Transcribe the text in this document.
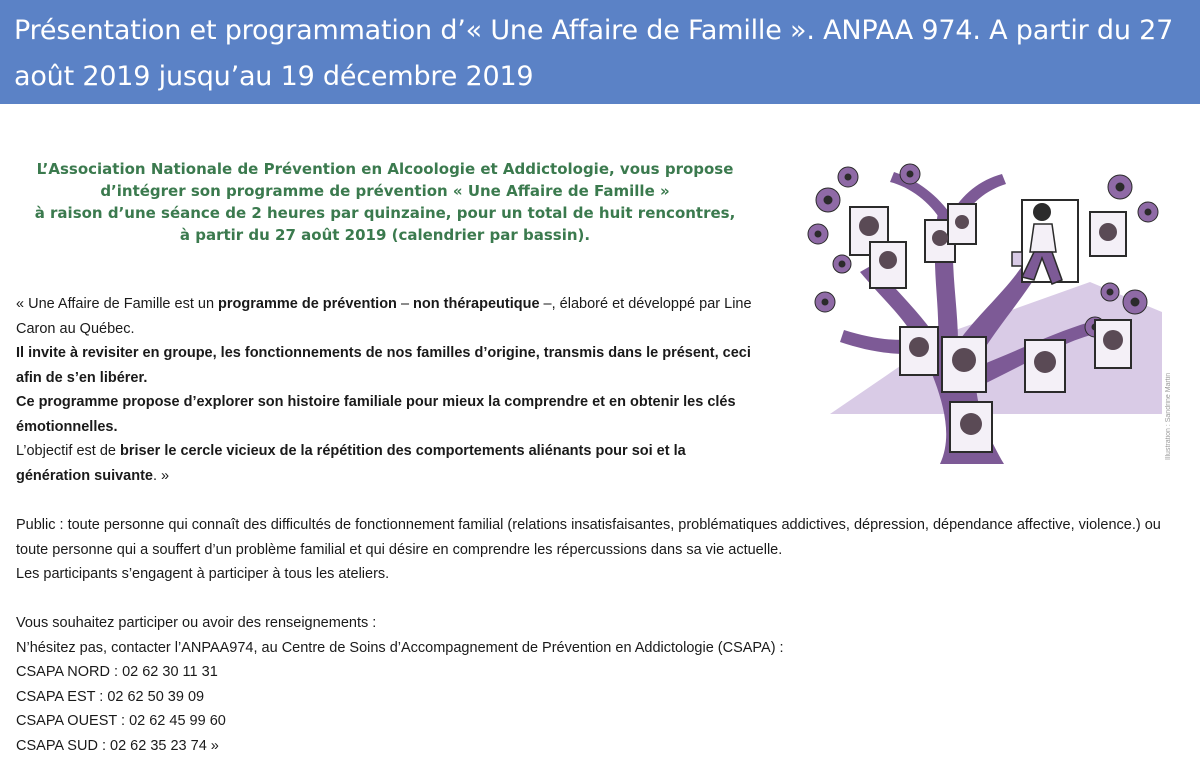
Présentation et programmation d’« Une Affaire de Famille ». ANPAA 974. A partir du 27 août 2019 jusqu’au 19 décembre 2019
L’Association Nationale de Prévention en Alcoologie et Addictologie, vous propose
d’intégrer son programme de prévention « Une Affaire de Famille »
à raison d’une séance de 2 heures par quinzaine, pour un total de huit rencontres,
à partir du 27 août 2019 (calendrier par bassin).

« Une Affaire de Famille est un programme de prévention – non thérapeutique –, élaboré et développé par Line Caron au Québec.

Il invite à revisiter en groupe, les fonctionnements de nos familles d’origine, transmis dans le présent, ceci afin de s’en libérer.

Ce programme propose d’explorer son histoire familiale pour mieux la comprendre et en obtenir les clés émotionnelles.

L’objectif est de briser le cercle vicieux de la répétition des comportements aliénants pour soi et la génération suivante. »

Public : toute personne qui connaît des difficultés de fonctionnement familial (relations insatisfaisantes, problématiques addictives, dépression, dépendance affective, violence.) ou toute personne qui a souffert d’un problème familial et qui désire en comprendre les répercussions dans sa vie actuelle.

Les participants s’engagent à participer à tous les ateliers.

Vous souhaitez participer ou avoir des renseignements :

N’hésitez pas, contacter l’ANPAA974, au Centre de Soins d’Accompagnement de Prévention en Addictologie (CSAPA) :

CSAPA NORD : 02 62 30 11 31

CSAPA EST : 02 62 50 39 09

CSAPA OUEST : 02 62 45 99 60

CSAPA SUD : 02 62 35 23 74 »

Illustration : Sandrine Martin
